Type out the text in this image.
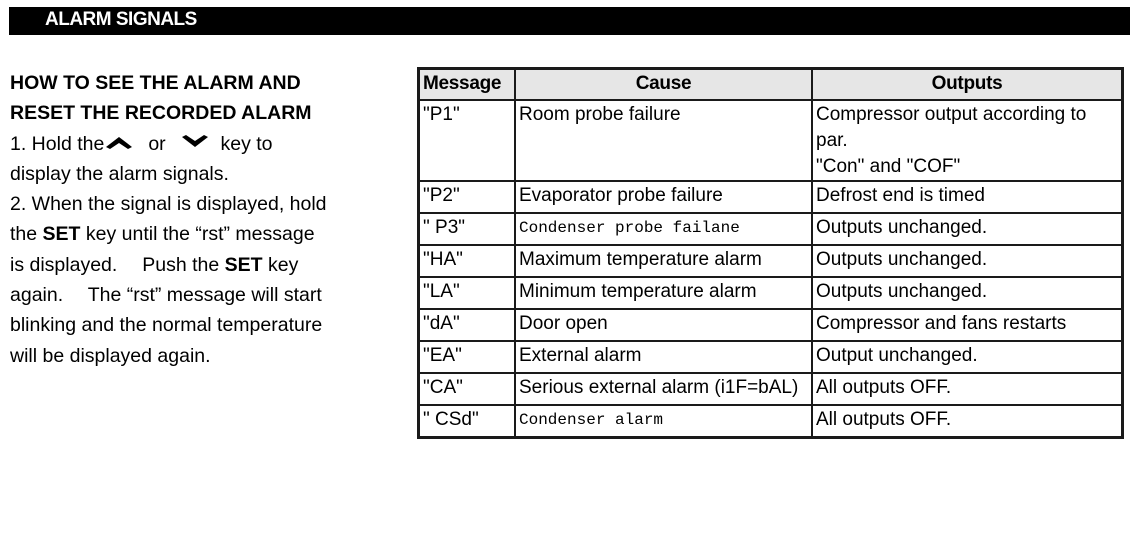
ALARM SIGNALS
HOW TO SEE THE ALARM AND
RESET THE RECORDED ALARM

1. Hold the or	key to
display the alarm signals.

2. When the signal is displayed, hold
the SET key until the “rst” message
is displayed.  Push the SET key
again.  The “rst” message will start
blinking and the normal temperature
will be displayed again.

Message	Cause	Outputs
"P1"	Room probe failure	Compressor output according to par.
"Con" and "COF"
"P2"	Evaporator probe failure	Defrost end is timed
" P3"	Condenser probe failane	Outputs unchanged.
"HA"	Maximum temperature alarm	Outputs unchanged.
"LA"	Minimum temperature alarm	Outputs unchanged.
"dA"	Door open	Compressor and fans restarts
"EA"	External alarm	Output unchanged.
"CA"	Serious external alarm (i1F=bAL)	All outputs OFF.
" CSd"	Condenser alarm	All outputs OFF.
